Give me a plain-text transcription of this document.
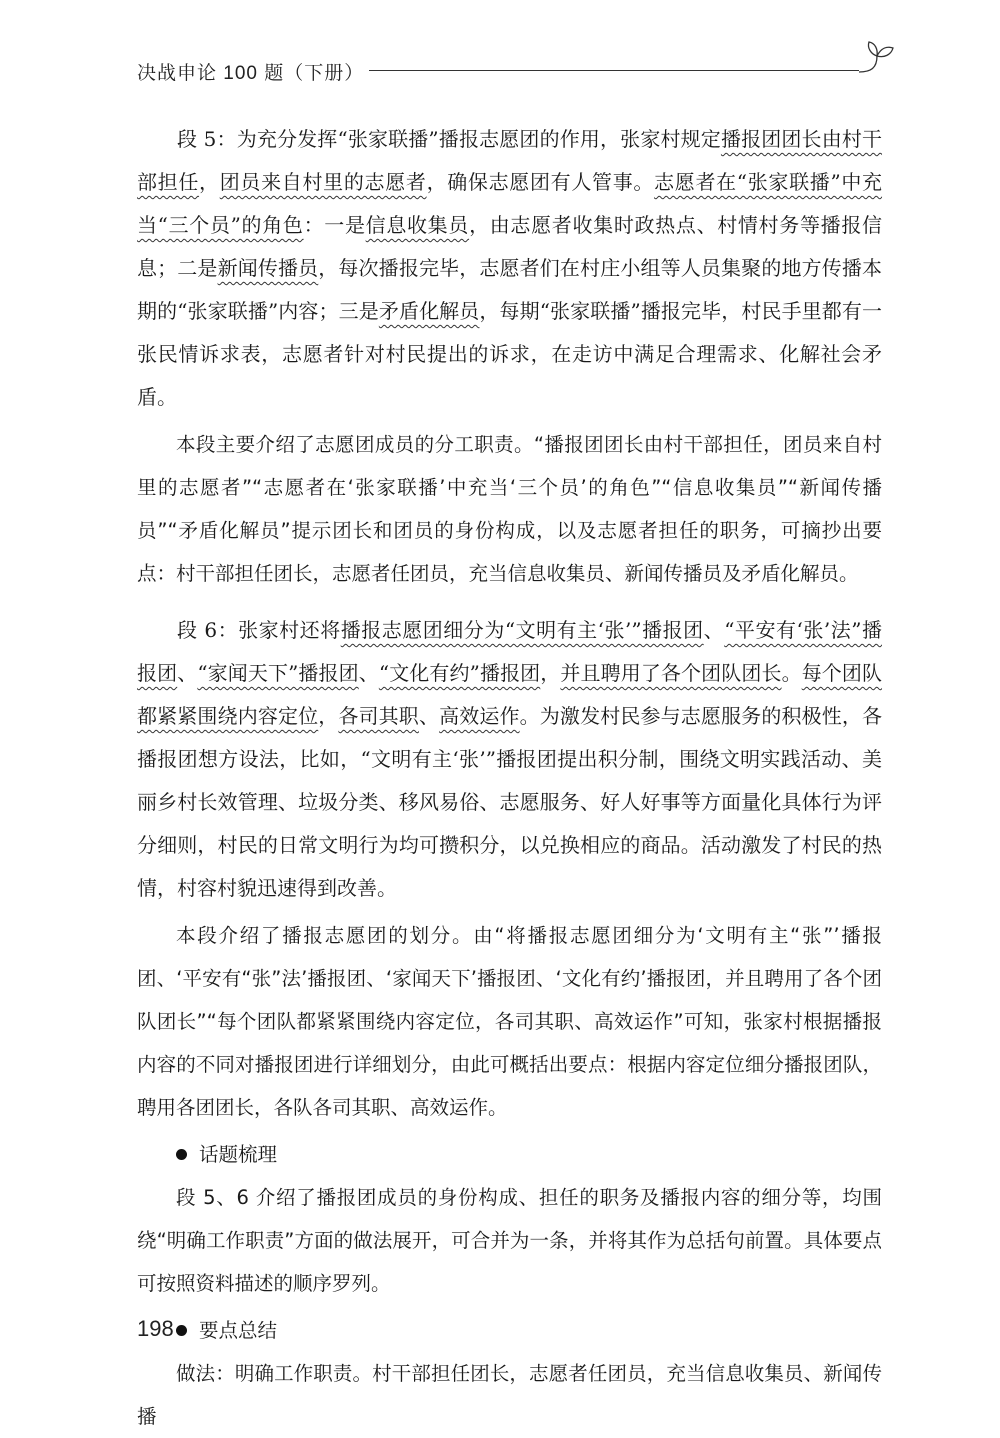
决战申论 100 题（下册）

段 5：为充分发挥“张家联播”播报志愿团的作用，张家村规定播报团团长由村干部担任，团员来自村里的志愿者，确保志愿团有人管事。志愿者在“张家联播”中充当“三个员”的角色：一是信息收集员，由志愿者收集时政热点、村情村务等播报信息；二是新闻传播员，每次播报完毕，志愿者们在村庄小组等人员集聚的地方传播本期的“张家联播”内容；三是矛盾化解员，每期“张家联播”播报完毕，村民手里都有一张民情诉求表，志愿者针对村民提出的诉求，在走访中满足合理需求、化解社会矛盾。

本段主要介绍了志愿团成员的分工职责。“播报团团长由村干部担任，团员来自村里的志愿者”“志愿者在‘张家联播’中充当‘三个员’的角色”“信息收集员”“新闻传播员”“矛盾化解员”提示团长和团员的身份构成，以及志愿者担任的职务，可摘抄出要点：村干部担任团长，志愿者任团员，充当信息收集员、新闻传播员及矛盾化解员。

段 6：张家村还将播报志愿团细分为“文明有主‘张’”播报团、“平安有‘张’法”播报团、“家闻天下”播报团、“文化有约”播报团，并且聘用了各个团队团长。每个团队都紧紧围绕内容定位，各司其职、高效运作。为激发村民参与志愿服务的积极性，各播报团想方设法，比如，“文明有主‘张’”播报团提出积分制，围绕文明实践活动、美丽乡村长效管理、垃圾分类、移风易俗、志愿服务、好人好事等方面量化具体行为评分细则，村民的日常文明行为均可攒积分，以兑换相应的商品。活动激发了村民的热情，村容村貌迅速得到改善。

本段介绍了播报志愿团的划分。由“将播报志愿团细分为‘文明有主“张”’播报团、‘平安有“张”法’播报团、‘家闻天下’播报团、‘文化有约’播报团，并且聘用了各个团队团长”“每个团队都紧紧围绕内容定位，各司其职、高效运作”可知，张家村根据播报内容的不同对播报团进行详细划分，由此可概括出要点：根据内容定位细分播报团队，聘用各团团长，各队各司其职、高效运作。

话题梳理

段 5、6 介绍了播报团成员的身份构成、担任的职务及播报内容的细分等，均围绕“明确工作职责”方面的做法展开，可合并为一条，并将其作为总括句前置。具体要点可按照资料描述的顺序罗列。

要点总结

做法：明确工作职责。村干部担任团长，志愿者任团员，充当信息收集员、新闻传播

198
